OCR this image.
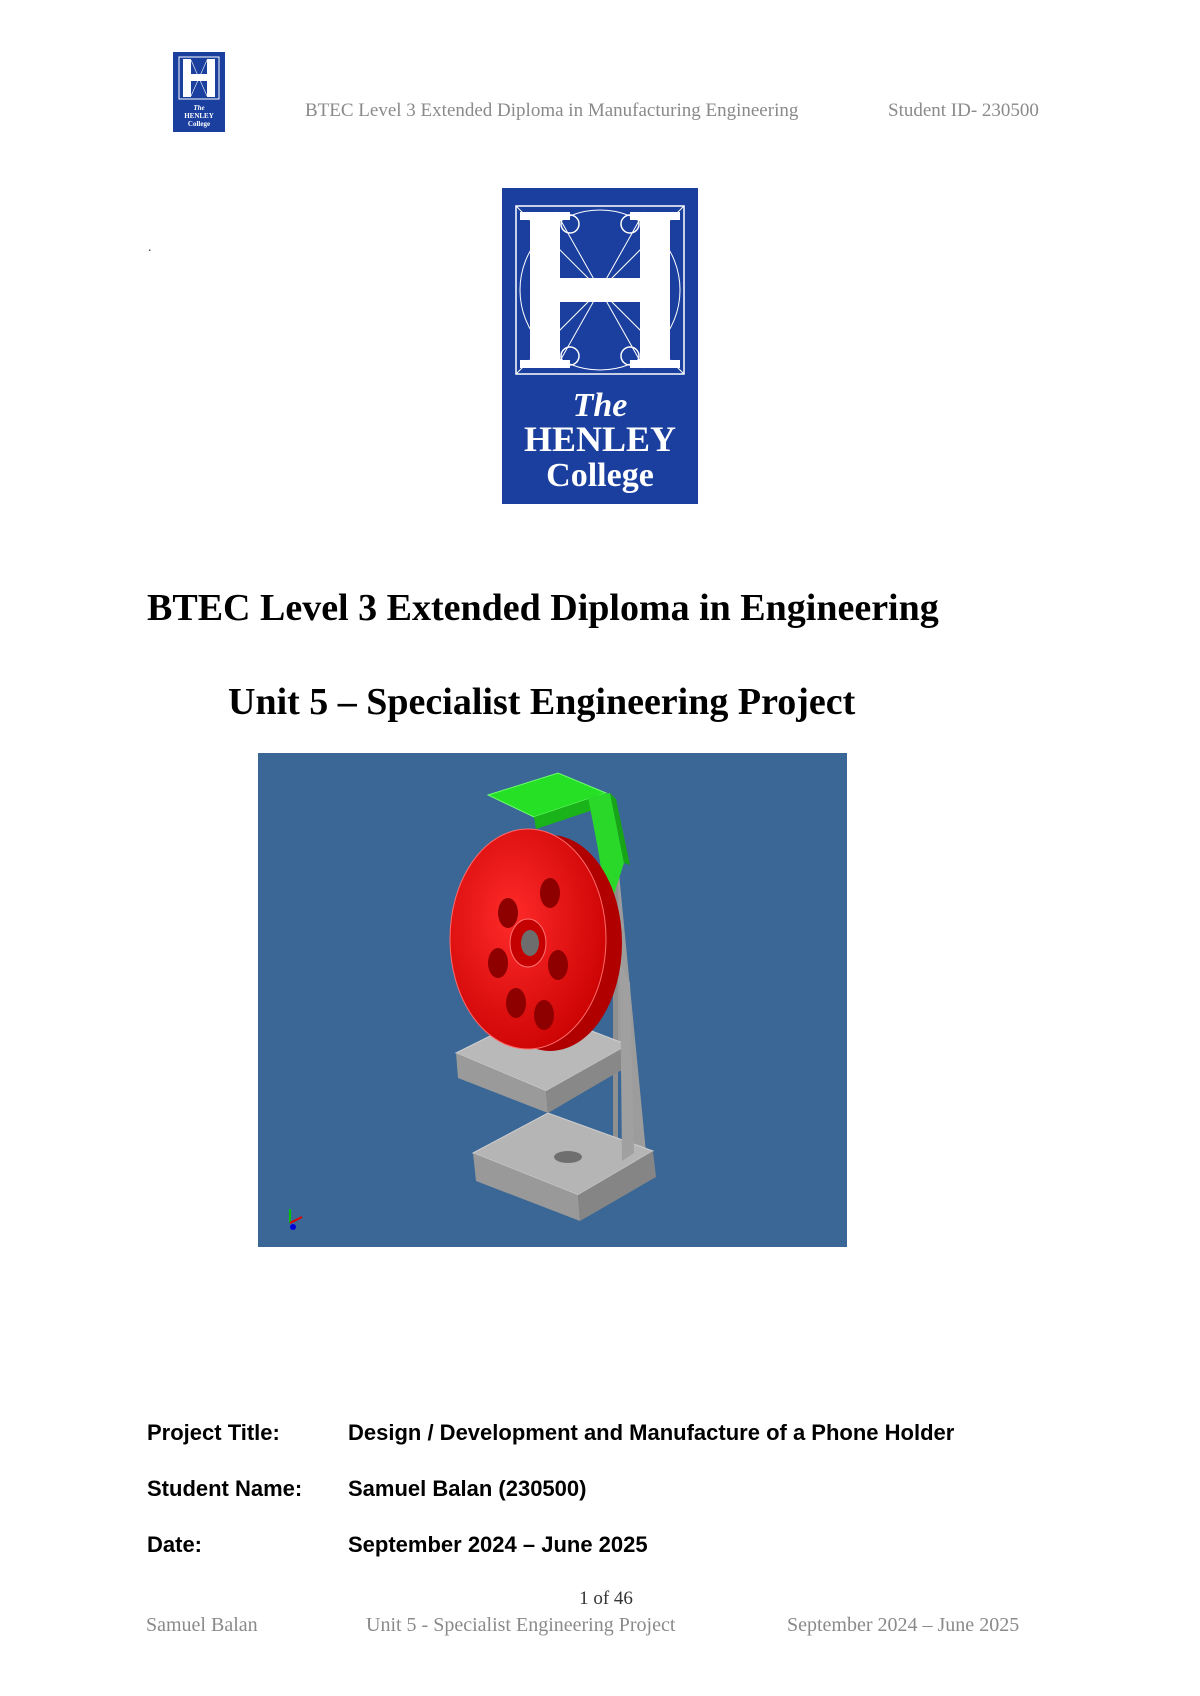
The
HENLEY
College
BTEC Level 3 Extended Diploma in Manufacturing Engineering	Student ID- 230500
.
The
HENLEY
College
BTEC Level 3 Extended Diploma in Engineering
Unit 5 – Specialist Engineering Project
Project Title:	Design / Development and Manufacture of a Phone Holder
Student Name: Samuel Balan (230500)
Date:	September 2024 – June 2025
1 of 46
Samuel Balan	Unit 5 - Specialist Engineering Project	September 2024 – June 2025
